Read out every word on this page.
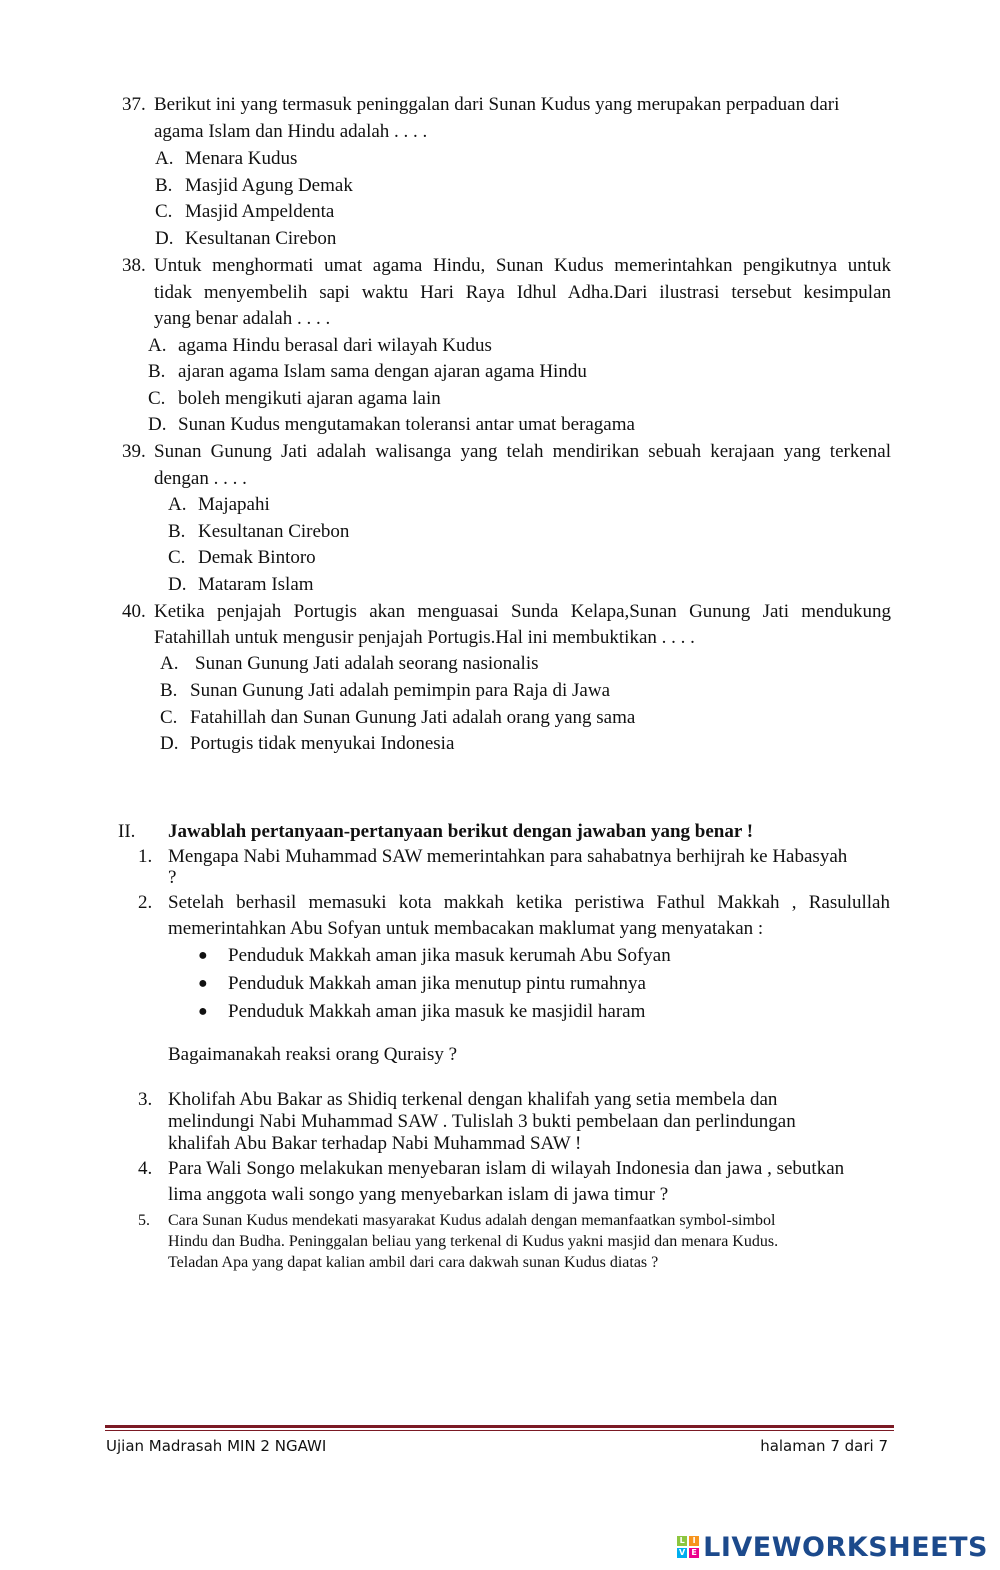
37. Berikut ini yang termasuk peninggalan dari Sunan Kudus yang merupakan perpaduan dari
agama Islam dan Hindu adalah . . . .
A. Menara Kudus
B. Masjid Agung Demak
C. Masjid Ampeldenta
D. Kesultanan Cirebon
38. Untuk menghormati umat agama Hindu, Sunan Kudus memerintahkan pengikutnya untuk
tidak menyembelih sapi waktu Hari Raya Idhul Adha.Dari ilustrasi tersebut kesimpulan
yang benar adalah . . . .
A. agama Hindu berasal dari wilayah Kudus
B. ajaran agama Islam sama dengan ajaran agama Hindu
C. boleh mengikuti ajaran agama lain
D. Sunan Kudus mengutamakan toleransi antar umat beragama
39. Sunan Gunung Jati adalah walisanga yang telah mendirikan sebuah kerajaan yang terkenal
dengan . . . .
A. Majapahi
B. Kesultanan Cirebon
C. Demak Bintoro
D. Mataram Islam
40. Ketika penjajah Portugis akan menguasai Sunda Kelapa,Sunan Gunung Jati mendukung
Fatahillah untuk mengusir penjajah Portugis.Hal ini membuktikan . . . .
A. Sunan Gunung Jati adalah seorang nasionalis
B. Sunan Gunung Jati adalah pemimpin para Raja di Jawa
C. Fatahillah dan Sunan Gunung Jati adalah orang yang sama
D. Portugis tidak menyukai Indonesia
II. Jawablah pertanyaan-pertanyaan berikut dengan jawaban yang benar !
1. Mengapa Nabi Muhammad SAW memerintahkan para sahabatnya berhijrah ke Habasyah
?
2. Setelah berhasil memasuki kota makkah ketika peristiwa Fathul Makkah , Rasulullah
memerintahkan Abu Sofyan untuk membacakan maklumat yang menyatakan :
● Penduduk Makkah aman jika masuk kerumah Abu Sofyan
● Penduduk Makkah aman jika menutup pintu rumahnya
● Penduduk Makkah aman jika masuk ke masjidil haram
Bagaimanakah reaksi orang Quraisy ?
3. Kholifah Abu Bakar as Shidiq terkenal dengan khalifah yang setia membela dan
melindungi Nabi Muhammad SAW . Tulislah 3 bukti pembelaan dan perlindungan
khalifah Abu Bakar terhadap Nabi Muhammad SAW !
4. Para Wali Songo melakukan menyebaran islam di wilayah Indonesia dan jawa , sebutkan
lima anggota wali songo yang menyebarkan islam di jawa timur ?
5. Cara Sunan Kudus mendekati masyarakat Kudus adalah dengan memanfaatkan symbol-simbol
Hindu dan Budha. Peninggalan beliau yang terkenal di Kudus yakni masjid dan menara Kudus.
Teladan Apa yang dapat kalian ambil dari cara dakwah sunan Kudus diatas ?
Ujian Madrasah MIN 2 NGAWI	halaman 7 dari 7
L I
V E LIVEWORKSHEETS
